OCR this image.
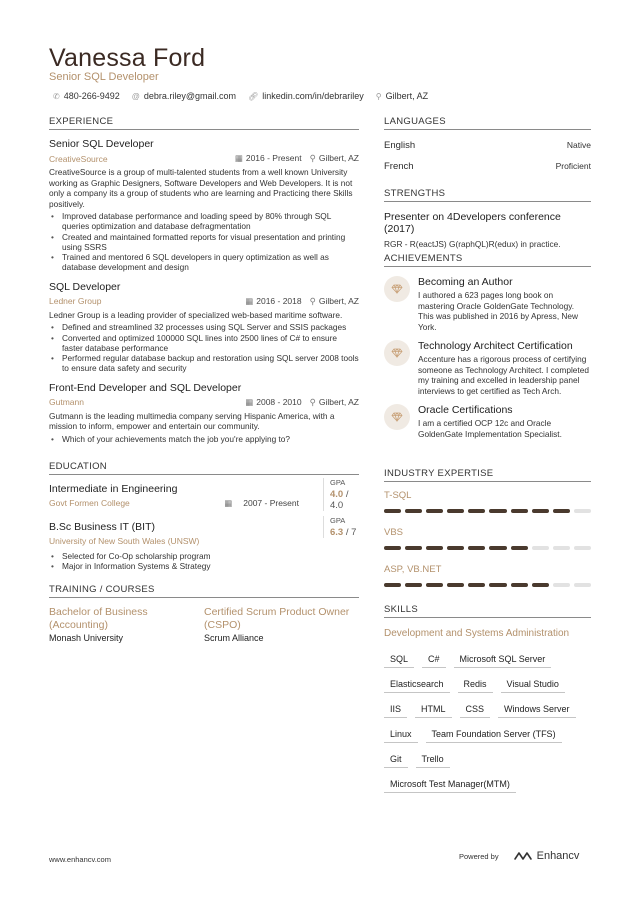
Vanessa Ford
Senior SQL Developer
✆ 480-266-9492 @ debra.riley@gmail.com 🔗︎ linkedin.com/in/debrariley ⚲ Gilbert, AZ
EXPERIENCE
Senior SQL Developer
CreativeSource	▦ 2016 - Present ⚲ Gilbert, AZ
CreativeSource is a group of multi-talented students from a well known University working as Graphic Designers, Software Developers and Web Developers. It is not only a company its a group of students who are learning and Practicing there Skills positively.
• Improved database performance and loading speed by 80% through SQL queries optimization and database defragmentation
• Created and maintained formatted reports for visual presentation and printing using SSRS
• Trained and mentored 6 SQL developers in query optimization as well as database development and design
SQL Developer
Ledner Group	▦ 2016 - 2018 ⚲ Gilbert, AZ
Ledner Group is a leading provider of specialized web-based maritime software.
• Defined and streamlined 32 processes using SQL Server and SSIS packages
• Converted and optimized 100000 SQL lines into 2500 lines of C# to ensure faster database performance
• Performed regular database backup and restoration using SQL server 2008 tools to ensure data safety and security
Front-End Developer and SQL Developer
Gutmann	▦ 2008 - 2010 ⚲ Gilbert, AZ
Gutmann is the leading multimedia company serving Hispanic America, with a mission to inform, empower and entertain our community.
• Which of your achievements match the job you're applying to?
EDUCATION
Intermediate in Engineering
Govt Formen College	▦ 2007 - Present
GPA
4.0 / 4.0
B.Sc Business IT (BIT)
University of New South Wales (UNSW)
GPA
6.3 / 7
• Selected for Co-Op scholarship program
• Major in Information Systems & Strategy
TRAINING / COURSES
Bachelor of Business (Accounting)
Monash University
Certified Scrum Product Owner (CSPO)
Scrum Alliance
LANGUAGES
English	Native
French	Proficient
STRENGTHS
Presenter on 4Developers conference (2017)
RGR - R(eactJS) G(raphQL)R(edux) in practice.
ACHIEVEMENTS
Becoming an Author
I authored a 623 pages long book on mastering Oracle GoldenGate Technology. This was published in 2016 by Apress, New York.
Technology Architect Certification
Accenture has a rigorous process of certifying someone as Technology Architect. I completed my training and excelled in leadership panel interviews to get certified as Tech Arch.
Oracle Certifications
I am a certified OCP 12c and Oracle GoldenGate Implementation Specialist.
INDUSTRY EXPERTISE
T-SQL
VBS
ASP, VB.NET
SKILLS
Development and Systems Administration
SQL	C#	Microsoft SQL Server
Elasticsearch	Redis	Visual Studio
IIS	HTML	CSS	Windows Server
Linux	Team Foundation Server (TFS)
Git	Trello
Microsoft Test Manager(MTM)
www.enhancv.com	Powered by	Enhancv
